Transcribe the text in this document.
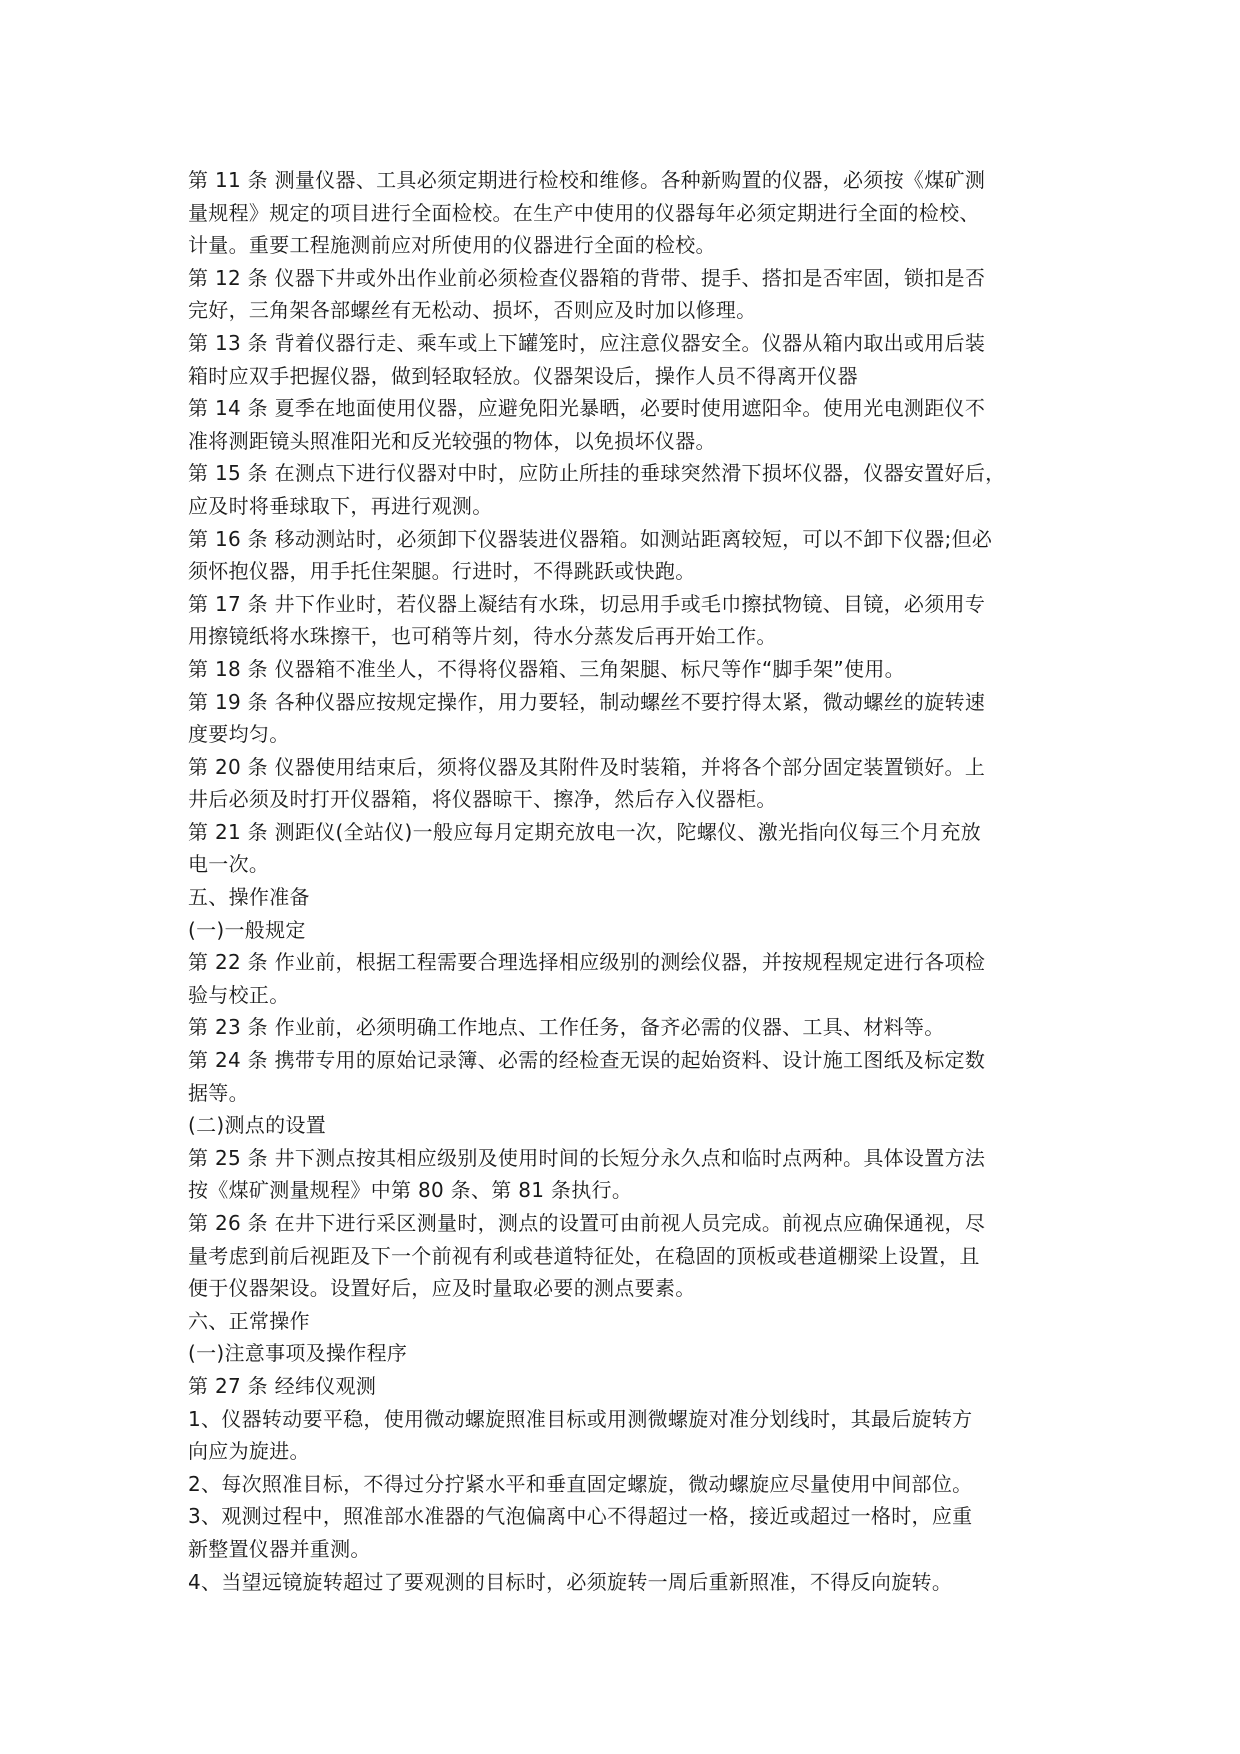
第 11 条 测量仪器、工具必须定期进行检校和维修。各种新购置的仪器，必须按《煤矿测
量规程》规定的项目进行全面检校。在生产中使用的仪器每年必须定期进行全面的检校、
计量。重要工程施测前应对所使用的仪器进行全面的检校。
第 12 条 仪器下井或外出作业前必须检查仪器箱的背带、提手、搭扣是否牢固，锁扣是否
完好，三角架各部螺丝有无松动、损坏，否则应及时加以修理。
第 13 条 背着仪器行走、乘车或上下罐笼时，应注意仪器安全。仪器从箱内取出或用后装
箱时应双手把握仪器，做到轻取轻放。仪器架设后，操作人员不得离开仪器
第 14 条 夏季在地面使用仪器，应避免阳光暴晒，必要时使用遮阳伞。使用光电测距仪不
准将测距镜头照准阳光和反光较强的物体，以免损坏仪器。
第 15 条 在测点下进行仪器对中时，应防止所挂的垂球突然滑下损坏仪器，仪器安置好后，
应及时将垂球取下，再进行观测。
第 16 条 移动测站时，必须卸下仪器装进仪器箱。如测站距离较短，可以不卸下仪器;但必
须怀抱仪器，用手托住架腿。行进时，不得跳跃或快跑。
第 17 条 井下作业时，若仪器上凝结有水珠，切忌用手或毛巾擦拭物镜、目镜，必须用专
用擦镜纸将水珠擦干，也可稍等片刻，待水分蒸发后再开始工作。
第 18 条 仪器箱不准坐人，不得将仪器箱、三角架腿、标尺等作“脚手架”使用。
第 19 条 各种仪器应按规定操作，用力要轻，制动螺丝不要拧得太紧，微动螺丝的旋转速
度要均匀。
第 20 条 仪器使用结束后，须将仪器及其附件及时装箱，并将各个部分固定装置锁好。上
井后必须及时打开仪器箱，将仪器晾干、擦净，然后存入仪器柜。
第 21 条 测距仪(全站仪)一般应每月定期充放电一次，陀螺仪、激光指向仪每三个月充放
电一次。
五、操作准备
(一)一般规定
第 22 条 作业前，根据工程需要合理选择相应级别的测绘仪器，并按规程规定进行各项检
验与校正。
第 23 条 作业前，必须明确工作地点、工作任务，备齐必需的仪器、工具、材料等。
第 24 条 携带专用的原始记录簿、必需的经检查无误的起始资料、设计施工图纸及标定数
据等。
(二)测点的设置
第 25 条 井下测点按其相应级别及使用时间的长短分永久点和临时点两种。具体设置方法
按《煤矿测量规程》中第 80 条、第 81 条执行。
第 26 条 在井下进行采区测量时，测点的设置可由前视人员完成。前视点应确保通视，尽
量考虑到前后视距及下一个前视有利或巷道特征处，在稳固的顶板或巷道棚梁上设置，且
便于仪器架设。设置好后，应及时量取必要的测点要素。
六、正常操作
(一)注意事项及操作程序
第 27 条 经纬仪观测
1、仪器转动要平稳，使用微动螺旋照准目标或用测微螺旋对准分划线时，其最后旋转方
向应为旋进。
2、每次照准目标，不得过分拧紧水平和垂直固定螺旋，微动螺旋应尽量使用中间部位。
3、观测过程中，照准部水准器的气泡偏离中心不得超过一格，接近或超过一格时，应重
新整置仪器并重测。
4、当望远镜旋转超过了要观测的目标时，必须旋转一周后重新照准，不得反向旋转。
